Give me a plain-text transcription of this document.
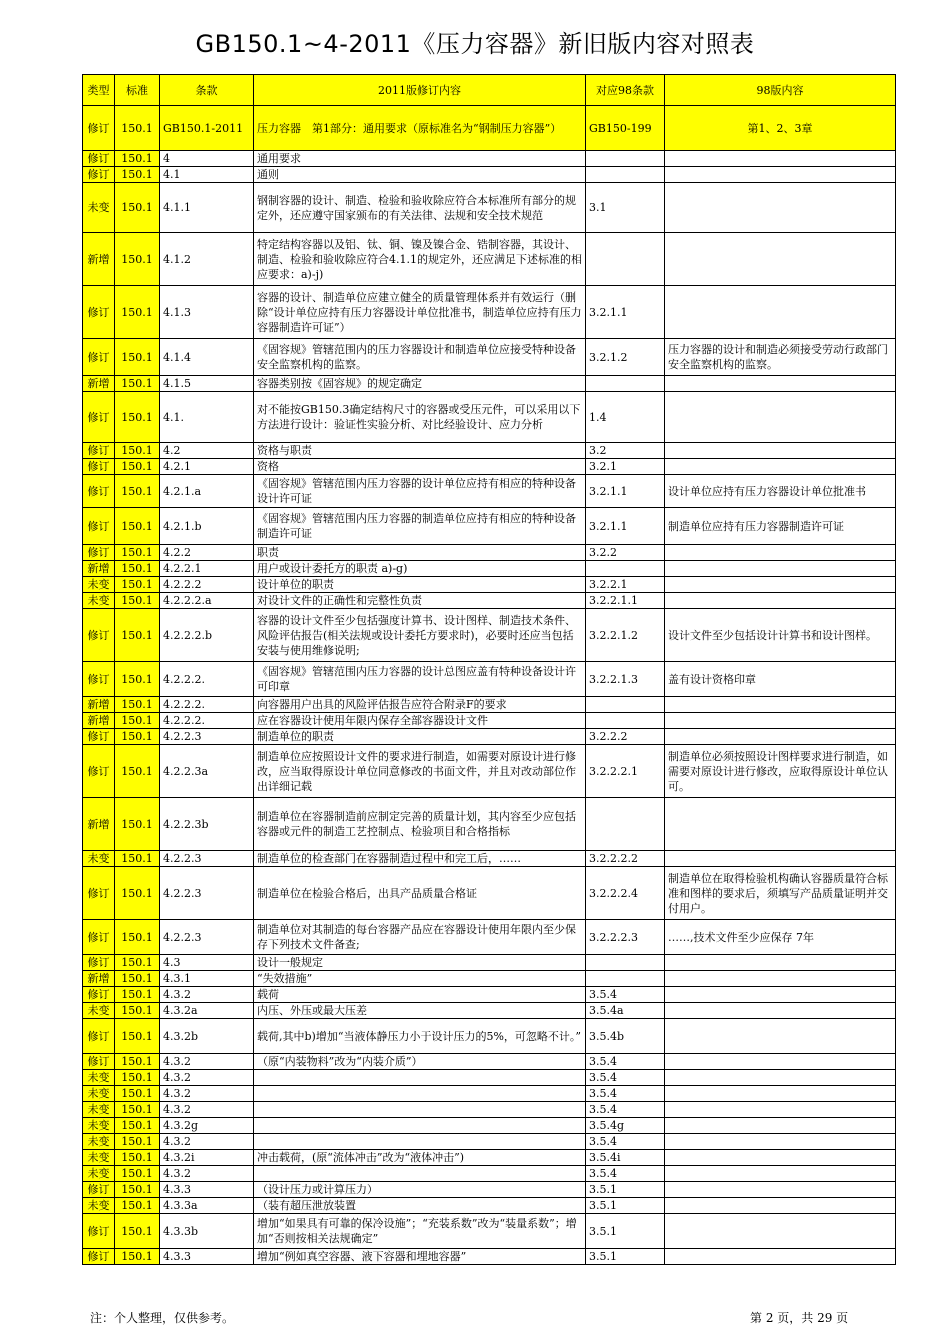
GB150.1~4-2011《压力容器》新旧版内容对照表
类型	标准	条款	2011版修订内容	对应98条款	98版内容
修订	150.1	GB150.1-2011	压力容器　第1部分：通用要求（原标准名为“钢制压力容器”）	GB150-199	第1、2、3章
修订	150.1	4	通用要求		
修订	150.1	4.1	通则		
未变	150.1	4.1.1	钢制容器的设计、制造、检验和验收除应符合本标准所有部分的规定外，还应遵守国家颁布的有关法律、法规和安全技术规范	3.1	
新增	150.1	4.1.2	特定结构容器以及铝、钛、铜、镍及镍合金、锆制容器，其设计、制造、检验和验收除应符合4.1.1的规定外，还应满足下述标准的相应要求：a)-j)		
修订	150.1	4.1.3	容器的设计、制造单位应建立健全的质量管理体系并有效运行（删除“设计单位应持有压力容器设计单位批准书，制造单位应持有压力容器制造许可证”）	3.2.1.1	
修订	150.1	4.1.4	《固容规》管辖范围内的压力容器设计和制造单位应接受特种设备安全监察机构的监察。	3.2.1.2	压力容器的设计和制造必须接受劳动行政部门安全监察机构的监察。
新增	150.1	4.1.5	容器类别按《固容规》的规定确定		
修订	150.1	4.1.	对不能按GB150.3确定结构尺寸的容器或受压元件，可以采用以下方法进行设计：验证性实验分析、对比经验设计、应力分析	1.4	
修订	150.1	4.2	资格与职责	3.2	
修订	150.1	4.2.1	资格	3.2.1	
修订	150.1	4.2.1.a	《固容规》管辖范围内压力容器的设计单位应持有相应的特种设备设计许可证	3.2.1.1	设计单位应持有压力容器设计单位批准书
修订	150.1	4.2.1.b	《固容规》管辖范围内压力容器的制造单位应持有相应的特种设备制造许可证	3.2.1.1	制造单位应持有压力容器制造许可证
修订	150.1	4.2.2	职责	3.2.2	
新增	150.1	4.2.2.1	用户或设计委托方的职责 a)-g)		
未变	150.1	4.2.2.2	设计单位的职责	3.2.2.1	
未变	150.1	4.2.2.2.a	对设计文件的正确性和完整性负责	3.2.2.1.1	
修订	150.1	4.2.2.2.b	容器的设计文件至少包括强度计算书、设计图样、制造技术条件、风险评估报告(相关法规或设计委托方要求时)，必要时还应当包括安装与使用维修说明;	3.2.2.1.2	设计文件至少包括设计计算书和设计图样。
修订	150.1	4.2.2.2.	《固容规》管辖范围内压力容器的设计总图应盖有特种设备设计许可印章	3.2.2.1.3	盖有设计资格印章
新增	150.1	4.2.2.2.	向容器用户出具的风险评估报告应符合附录F的要求		
新增	150.1	4.2.2.2.	应在容器设计使用年限内保存全部容器设计文件		
修订	150.1	4.2.2.3	制造单位的职责	3.2.2.2	
修订	150.1	4.2.2.3a	制造单位应按照设计文件的要求进行制造，如需要对原设计进行修改，应当取得原设计单位同意修改的书面文件，并且对改动部位作出详细记载	3.2.2.2.1	制造单位必须按照设计图样要求进行制造，如需要对原设计进行修改，应取得原设计单位认可。
新增	150.1	4.2.2.3b	制造单位在容器制造前应制定完善的质量计划，其内容至少应包括容器或元件的制造工艺控制点、检验项目和合格指标		
未变	150.1	4.2.2.3	制造单位的检查部门在容器制造过程中和完工后，……	3.2.2.2.2	
修订	150.1	4.2.2.3	制造单位在检验合格后，出具产品质量合格证	3.2.2.2.4	制造单位在取得检验机构确认容器质量符合标准和图样的要求后，须填写产品质量证明并交付用户。
修订	150.1	4.2.2.3	制造单位对其制造的每台容器产品应在容器设计使用年限内至少保存下列技术文件备查;	3.2.2.2.3	……,技术文件至少应保存 7年
修订	150.1	4.3	设计一般规定		
新增	150.1	4.3.1	“失效措施”		
修订	150.1	4.3.2	载荷	3.5.4	
未变	150.1	4.3.2a	内压、外压或最大压差	3.5.4a	
修订	150.1	4.3.2b	载荷,其中b)增加“当液体静压力小于设计压力的5%，可忽略不计。”	3.5.4b	
修订	150.1	4.3.2	（原“内装物料”改为“内装介质”）	3.5.4	
未变	150.1	4.3.2		3.5.4	
未变	150.1	4.3.2		3.5.4	
未变	150.1	4.3.2		3.5.4	
未变	150.1	4.3.2g		3.5.4g	
未变	150.1	4.3.2		3.5.4	
未变	150.1	4.3.2i	冲击载荷，(原“流体冲击”改为“液体冲击”)	3.5.4i	
未变	150.1	4.3.2		3.5.4	
修订	150.1	4.3.3	（设计压力或计算压力）	3.5.1	
未变	150.1	4.3.3a	（装有超压泄放装置	3.5.1	
修订	150.1	4.3.3b	增加“如果具有可靠的保冷设施”；“充装系数”改为“装量系数”；增加“否则按相关法规确定”	3.5.1	
修订	150.1	4.3.3	增加“例如真空容器、液下容器和埋地容器”	3.5.1	
注：个人整理，仅供参考。	第 2 页，共 29 页
